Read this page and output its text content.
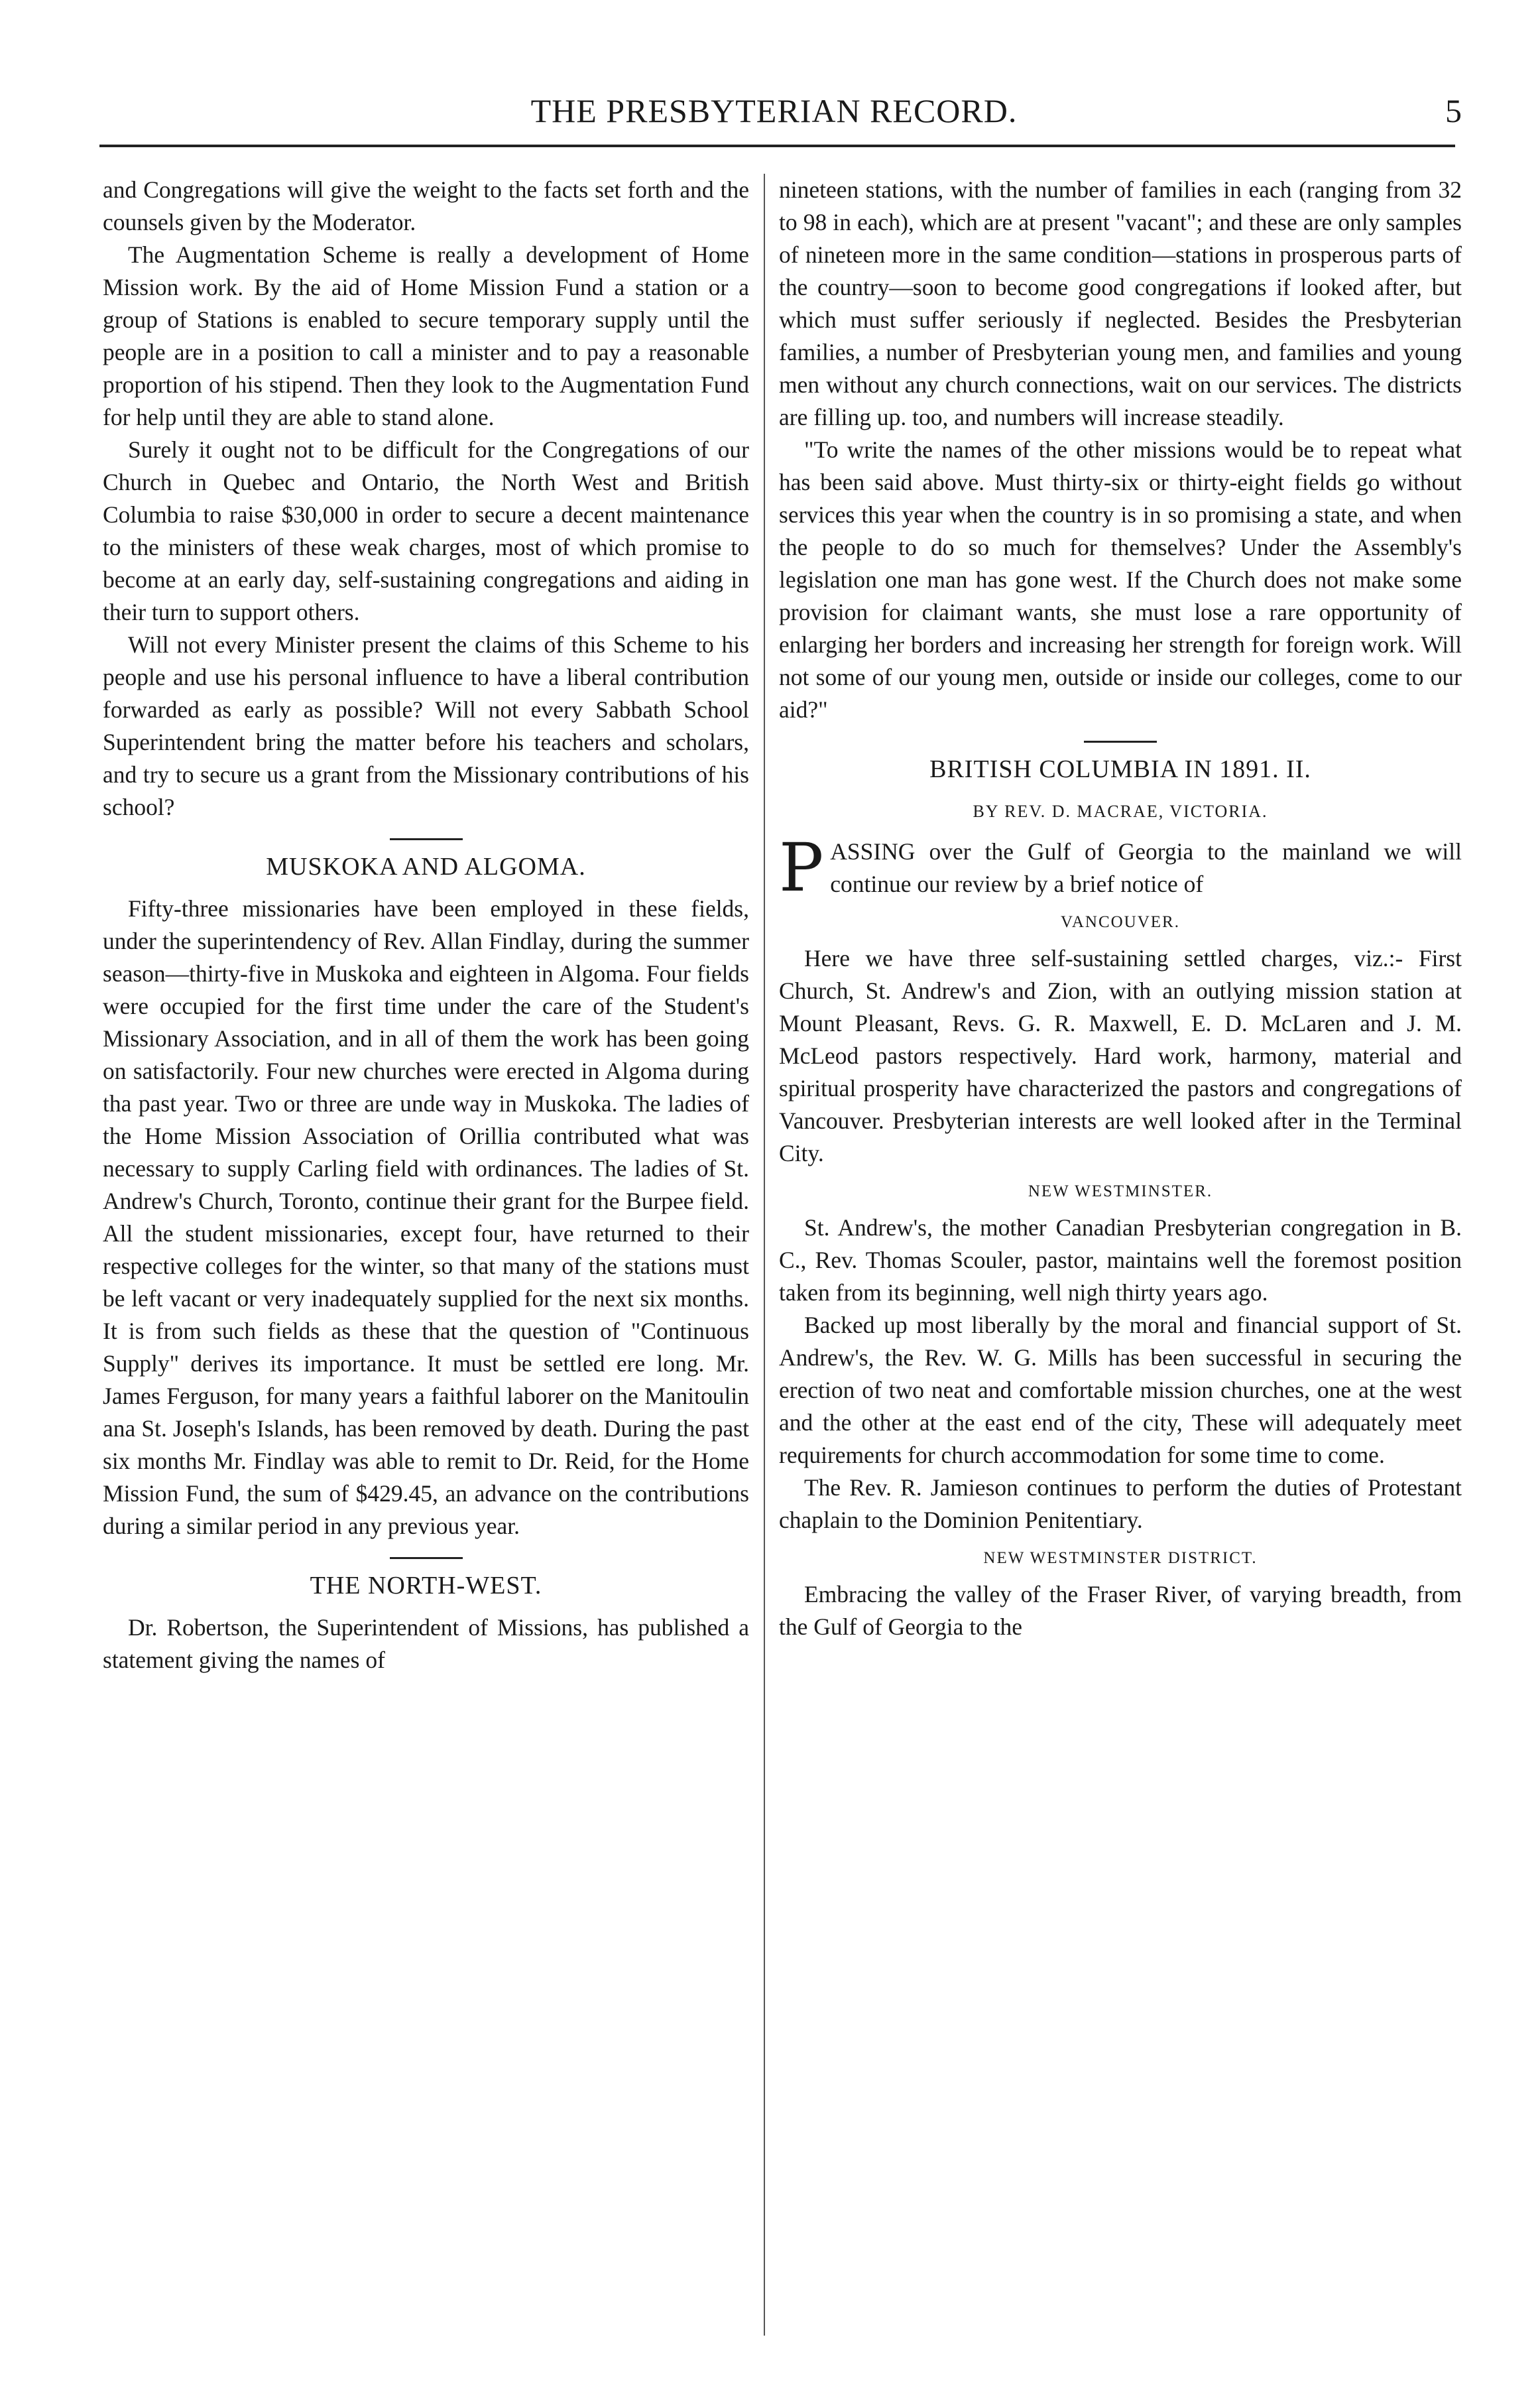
THE PRESBYTERIAN RECORD.	5

and Congregations will give the weight to the facts set forth and the counsels given by the Moderator.

The Augmentation Scheme is really a development of Home Mission work. By the aid of Home Mission Fund a station or a group of Stations is enabled to secure temporary supply until the people are in a position to call a minister and to pay a reasonable proportion of his stipend. Then they look to the Augmentation Fund for help until they are able to stand alone.

Surely it ought not to be difficult for the Congregations of our Church in Quebec and Ontario, the North West and British Columbia to raise $30,000 in order to secure a decent maintenance to the ministers of these weak charges, most of which promise to become at an early day, self-sustaining congregations and aiding in their turn to support others.

Will not every Minister present the claims of this Scheme to his people and use his personal influence to have a liberal contribution forwarded as early as possible? Will not every Sabbath School Superintendent bring the matter before his teachers and scholars, and try to secure us a grant from the Missionary contributions of his school?

MUSKOKA AND ALGOMA.

Fifty-three missionaries have been employed in these fields, under the superintendency of Rev. Allan Findlay, during the summer season—thirty-five in Muskoka and eighteen in Algoma. Four fields were occupied for the first time under the care of the Student's Missionary Association, and in all of them the work has been going on satisfactorily. Four new churches were erected in Algoma during tha past year. Two or three are unde way in Muskoka. The ladies of the Home Mission Association of Orillia contributed what was necessary to supply Carling field with ordinances. The ladies of St. Andrew's Church, Toronto, continue their grant for the Burpee field. All the student missionaries, except four, have returned to their respective colleges for the winter, so that many of the stations must be left vacant or very inadequately supplied for the next six months. It is from such fields as these that the question of "Continuous Supply" derives its importance. It must be settled ere long. Mr. James Ferguson, for many years a faithful laborer on the Manitoulin ana St. Joseph's Islands, has been removed by death. During the past six months Mr. Findlay was able to remit to Dr. Reid, for the Home Mission Fund, the sum of $429.45, an advance on the contributions during a similar period in any previous year.

THE NORTH-WEST.

Dr. Robertson, the Superintendent of Missions, has published a statement giving the names of

nineteen stations, with the number of families in each (ranging from 32 to 98 in each), which are at present "vacant"; and these are only samples of nineteen more in the same condition—stations in prosperous parts of the country—soon to become good congregations if looked after, but which must suffer seriously if neglected. Besides the Presbyterian families, a number of Presbyterian young men, and families and young men without any church connections, wait on our services. The districts are filling up. too, and numbers will increase steadily.

"To write the names of the other missions would be to repeat what has been said above. Must thirty-six or thirty-eight fields go without services this year when the country is in so promising a state, and when the people to do so much for themselves? Under the Assembly's legislation one man has gone west. If the Church does not make some provision for claimant wants, she must lose a rare opportunity of enlarging her borders and increasing her strength for foreign work. Will not some of our young men, outside or inside our colleges, come to our aid?"

BRITISH COLUMBIA IN 1891. II.
BY REV. D. MACRAE, VICTORIA.

PASSING over the Gulf of Georgia to the mainland we will continue our review by a brief notice of

VANCOUVER.

Here we have three self-sustaining settled charges, viz.:- First Church, St. Andrew's and Zion, with an outlying mission station at Mount Pleasant, Revs. G. R. Maxwell, E. D. McLaren and J. M. McLeod pastors respectively. Hard work, harmony, material and spiritual prosperity have characterized the pastors and congregations of Vancouver. Presbyterian interests are well looked after in the Terminal City.

NEW WESTMINSTER.

St. Andrew's, the mother Canadian Presbyterian congregation in B. C., Rev. Thomas Scouler, pastor, maintains well the foremost position taken from its beginning, well nigh thirty years ago.

Backed up most liberally by the moral and financial support of St. Andrew's, the Rev. W. G. Mills has been successful in securing the erection of two neat and comfortable mission churches, one at the west and the other at the east end of the city, These will adequately meet requirements for church accommodation for some time to come.

The Rev. R. Jamieson continues to perform the duties of Protestant chaplain to the Dominion Penitentiary.

NEW WESTMINSTER DISTRICT.

Embracing the valley of the Fraser River, of varying breadth, from the Gulf of Georgia to the
